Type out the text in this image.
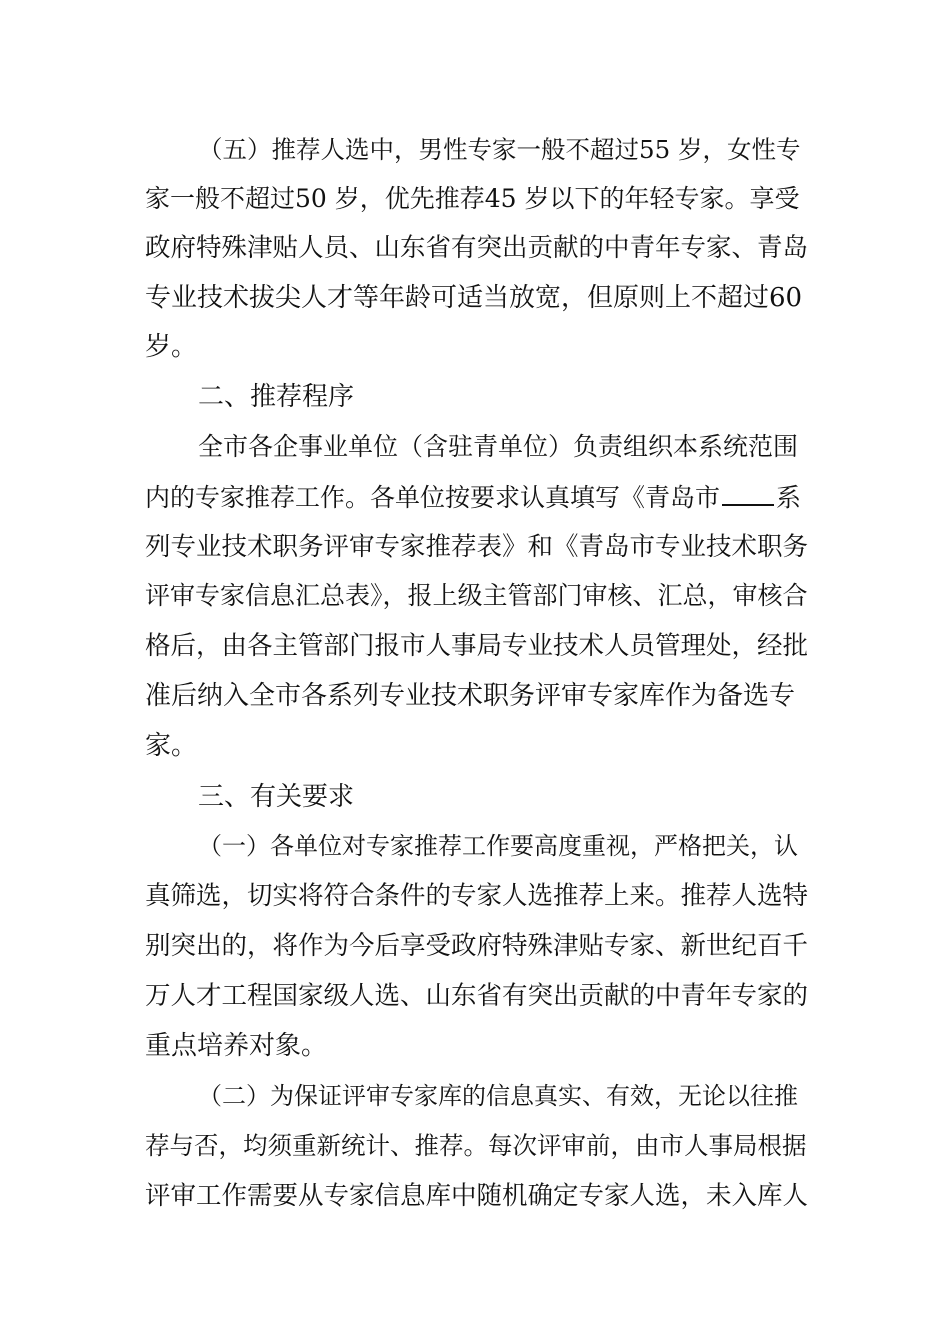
（五）推荐人选中，男性专家一般不超过55 岁，女性专
家一般不超过50 岁，优先推荐45 岁以下的年轻专家。享受
政府特殊津贴人员、山东省有突出贡献的中青年专家、青岛
专业技术拔尖人才等年龄可适当放宽，但原则上不超过60
岁。
二、推荐程序
全市各企事业单位（含驻青单位）负责组织本系统范围
内的专家推荐工作。各单位按要求认真填写《青岛市 系
列专业技术职务评审专家推荐表》和《青岛市专业技术职务
评审专家信息汇总表》，报上级主管部门审核、汇总，审核合
格后，由各主管部门报市人事局专业技术人员管理处，经批
准后纳入全市各系列专业技术职务评审专家库作为备选专
家。
三、有关要求
（一）各单位对专家推荐工作要高度重视，严格把关，认
真筛选，切实将符合条件的专家人选推荐上来。推荐人选特
别突出的，将作为今后享受政府特殊津贴专家、新世纪百千
万人才工程国家级人选、山东省有突出贡献的中青年专家的
重点培养对象。
（二）为保证评审专家库的信息真实、有效，无论以往推
荐与否，均须重新统计、推荐。每次评审前，由市人事局根据
评审工作需要从专家信息库中随机确定专家人选，未入库人
